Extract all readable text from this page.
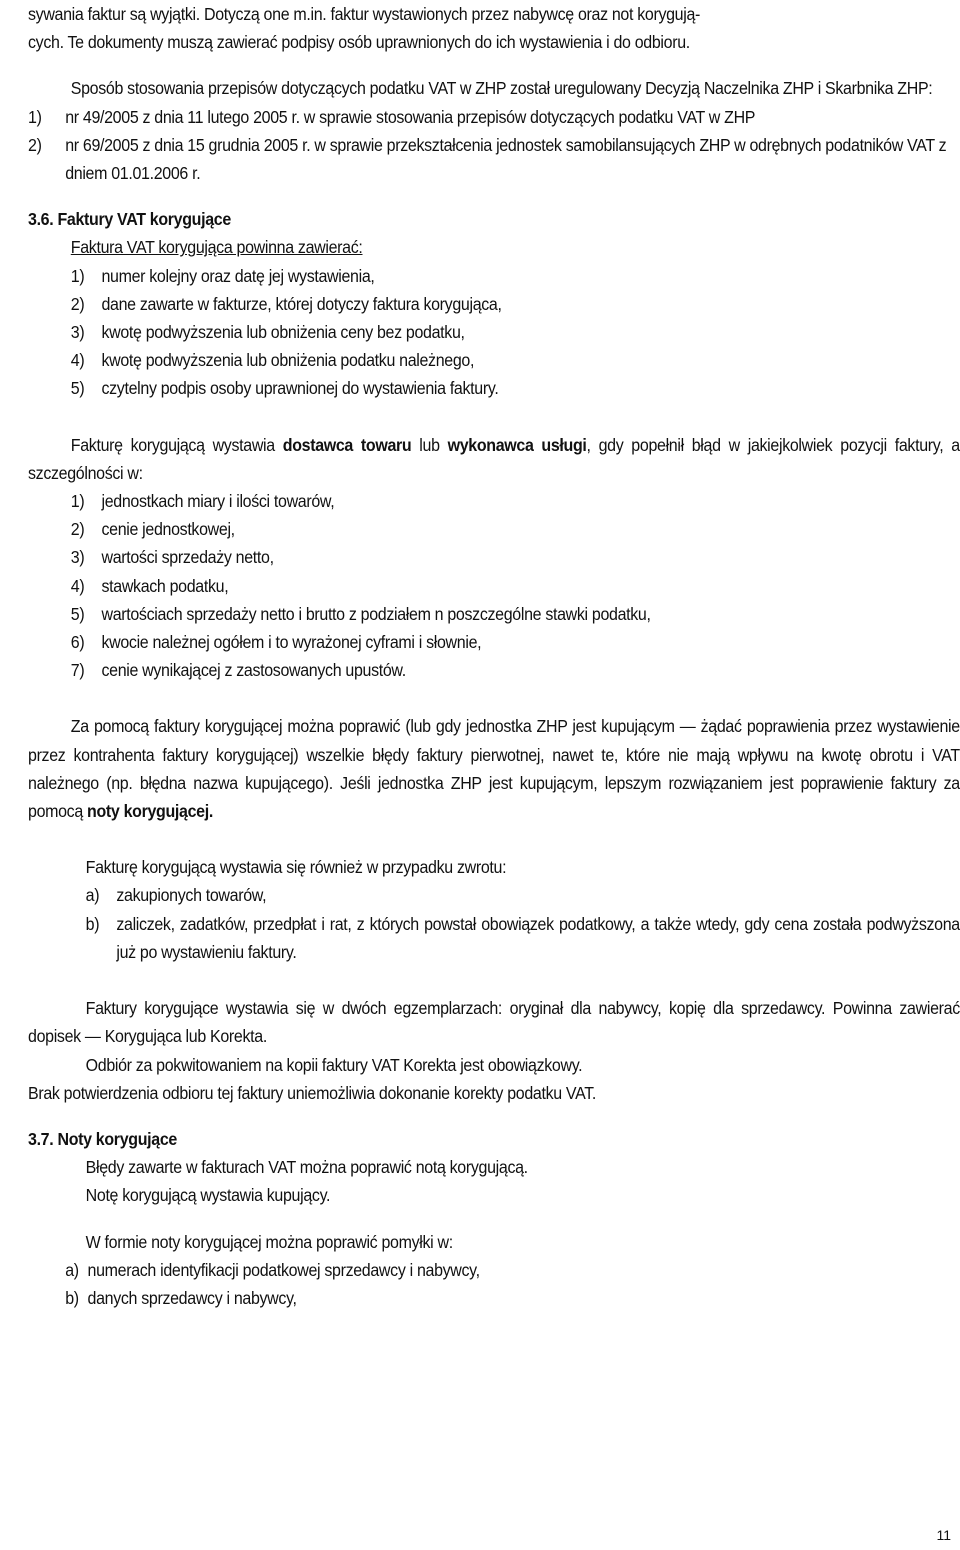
sywania faktur są wyjątki. Dotyczą one m.in. faktur wystawionych przez nabywcę oraz not korygują-

cych. Te dokumenty muszą zawierać podpisy osób uprawnionych do ich wystawienia i do odbioru.

Sposób stosowania przepisów dotyczących podatku VAT w ZHP został uregulowany Decyzją Naczelnika ZHP i Skarbnika ZHP:

1)	nr 49/2005 z dnia 11 lutego 2005 r. w sprawie stosowania przepisów dotyczących podatku VAT w ZHP
2)	nr 69/2005 z dnia 15 grudnia 2005 r. w sprawie przekształcenia jednostek samobilansujących ZHP w odrębnych podatników VAT z dniem 01.01.2006 r.

3.6. Faktury VAT korygujące

Faktura VAT korygująca powinna zawierać:

1) numer kolejny oraz datę jej wystawienia,
2) dane zawarte w fakturze, której dotyczy faktura korygująca,
3) kwotę podwyższenia lub obniżenia ceny bez podatku,
4) kwotę podwyższenia lub obniżenia podatku należnego,
5) czytelny podpis osoby uprawnionej do wystawienia faktury.

Fakturę korygującą wystawia dostawca towaru lub wykonawca usługi, gdy popełnił błąd w jakiejkolwiek pozycji faktury, a szczególności w:

1) jednostkach miary i ilości towarów,
2) cenie jednostkowej,
3) wartości sprzedaży netto,
4) stawkach podatku,
5) wartościach sprzedaży netto i brutto z podziałem n poszczególne stawki podatku,
6) kwocie należnej ogółem i to wyrażonej cyframi i słownie,
7) cenie wynikającej z zastosowanych upustów.

Za pomocą faktury korygującej można poprawić (lub gdy jednostka ZHP jest kupującym — żądać poprawienia przez wystawienie przez kontrahenta faktury korygującej) wszelkie błędy faktury pierwotnej, nawet te, które nie mają wpływu na kwotę obrotu i VAT należnego (np. błędna nazwa kupującego). Jeśli jednostka ZHP jest kupującym, lepszym rozwiązaniem jest poprawienie faktury za pomocą noty korygującej.

Fakturę korygującą wystawia się również w przypadku zwrotu:

a) zakupionych towarów,
b) zaliczek, zadatków, przedpłat i rat, z których powstał obowiązek podatkowy, a także wtedy, gdy cena została podwyższona już po wystawieniu faktury.

Faktury korygujące wystawia się w dwóch egzemplarzach: oryginał dla nabywcy, kopię dla sprzedawcy. Powinna zawierać dopisek — Korygująca lub Korekta.

Odbiór za pokwitowaniem na kopii faktury VAT Korekta jest obowiązkowy.

Brak potwierdzenia odbioru tej faktury uniemożliwia dokonanie korekty podatku VAT.

3.7. Noty korygujące

Błędy zawarte w fakturach VAT można poprawić notą korygującą.

Notę korygującą wystawia kupujący.

W formie noty korygującej można poprawić pomyłki w:

a) numerach identyfikacji podatkowej sprzedawcy i nabywcy,
b) danych sprzedawcy i nabywcy,
11
